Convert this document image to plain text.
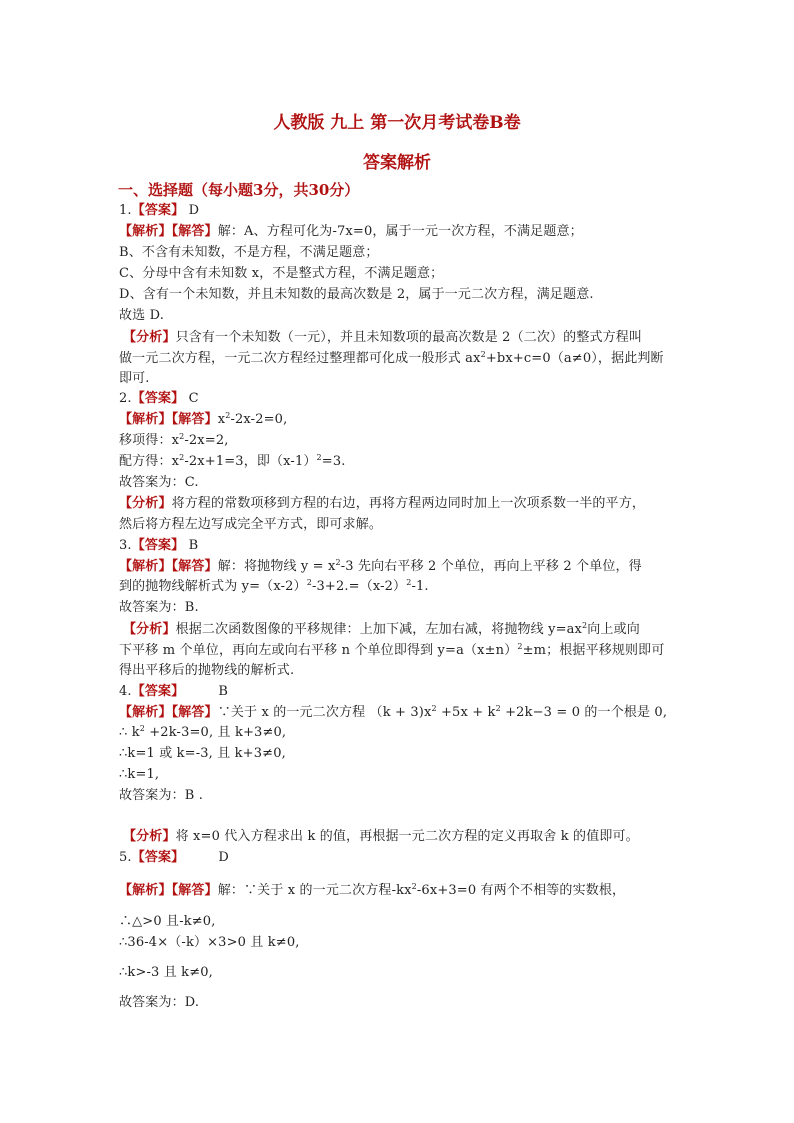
人教版 九上 第一次月考试卷B卷
答案解析
一、选择题（每小题3分，共30分）
1.【答案】 D
【解析】【解答】解：A、方程可化为-7x=0，属于一元一次方程，不满足题意；
B、不含有未知数，不是方程，不满足题意；
C、分母中含有未知数 x，不是整式方程，不满足题意；
D、含有一个未知数，并且未知数的最高次数是 2，属于一元二次方程，满足题意.
故选 D.
【分析】只含有一个未知数（一元），并且未知数项的最高次数是 2（二次）的整式方程叫
做一元二次方程，一元二次方程经过整理都可化成一般形式 $ax^2+bx+c=0(a\ne 0)$，据此判断
即可.
2.【答案】 C
【解析】【解答】$x^2-2x-2=0$,
移项得：$x^2-2x=2$,
配方得：$x^2-2x+1=3$，即$(x-1)^2=3$.
故答案为：C.
【分析】将方程的常数项移到方程的右边，再将方程两边同时加上一次项系数一半的平方，
然后将方程左边写成完全平方式，即可求解。
3.【答案】 B
【解析】【解答】解：将抛物线 $y = x^2-3$ 先向右平移 2 个单位，再向上平移 2 个单位，得
到的抛物线解析式为 $y=(x-2)^2-3+2.=(x-2)^2-1$.
故答案为：B.
【分析】根据二次函数图像的平移规律：上加下减，左加右减，将抛物线 $y=ax^2$向上或向
下平移 m 个单位，再向左或向右平移 n 个单位即得到 $y=a(x\pm n)^2\pm m$；根据平移规则即可
得出平移后的抛物线的解析式.
4.【答案】	B
【解析】【解答】∵关于 x 的一元二次方程 $(k + 3)x^2 +5x + k^2 +2k-3 = 0$ 的一个根是 0,
∴ $k^2 +2k-3=0$, 且 k+3≠0,
∴k=1 或 k=-3, 且 k+3≠0,
∴k=1,
故答案为：B .
【分析】将 x=0 代入方程求出 k 的值，再根据一元二次方程的定义再取舍 k 的值即可。
5.【答案】	D
【解析】【解答】解：∵关于 x 的一元二次方程$-kx^2-6x+3=0$ 有两个不相等的实数根，
∴△>0 且-k≠0,
∴36-4×（-k）×3>0 且 k≠0,
∴k>-3 且 k≠0,
故答案为：D.
